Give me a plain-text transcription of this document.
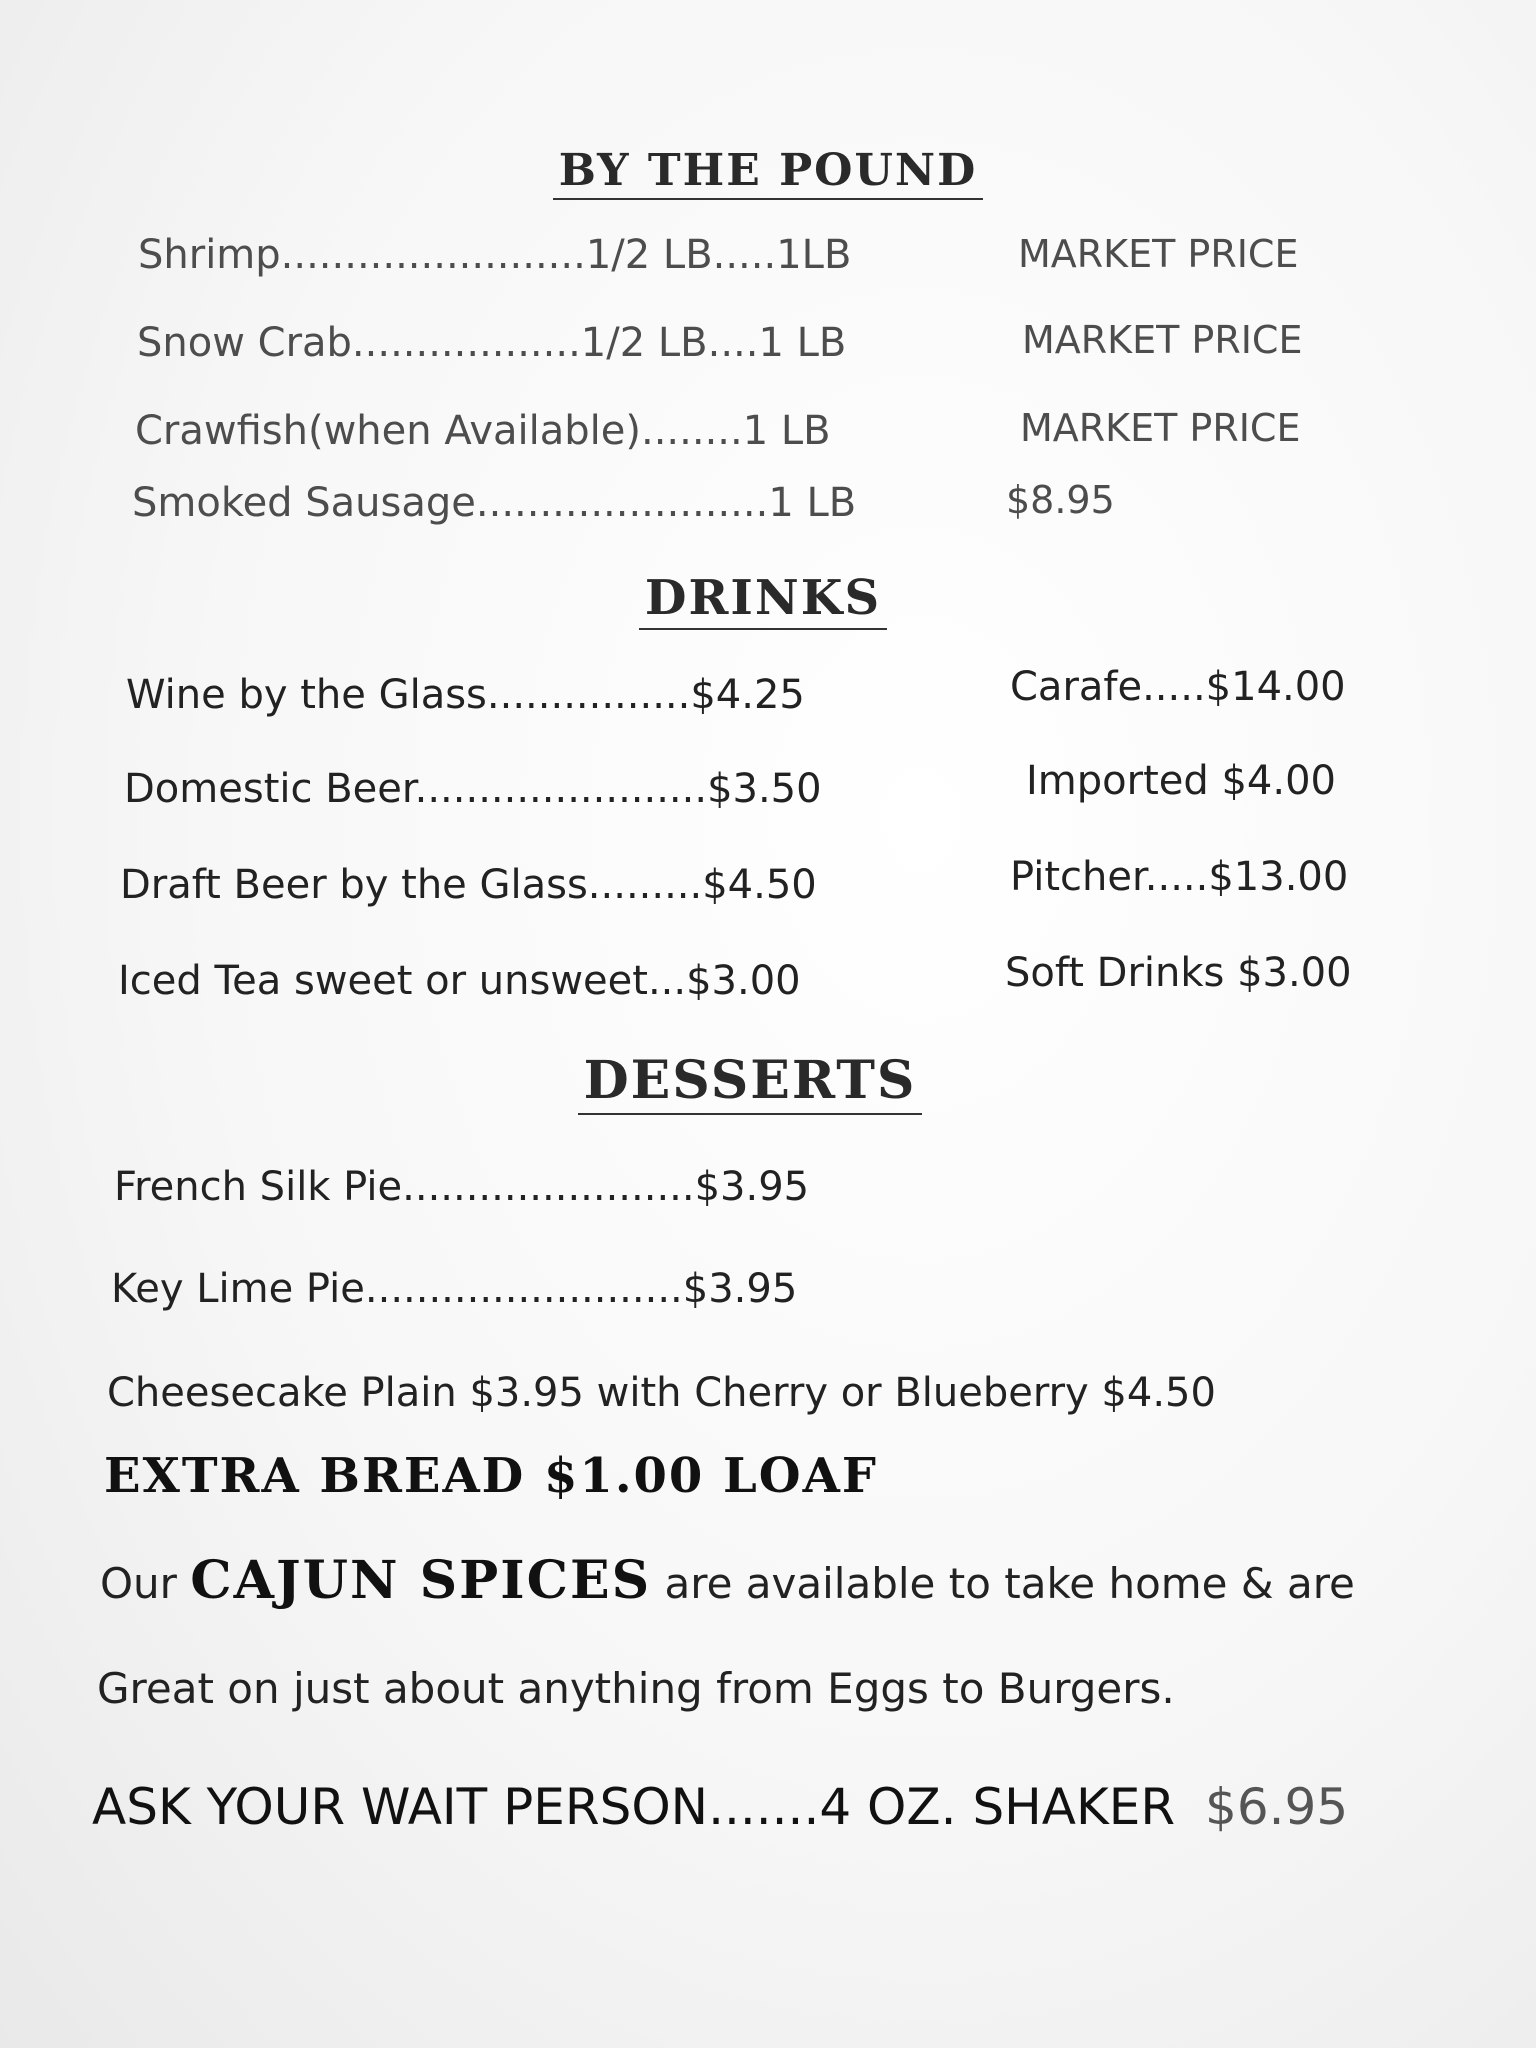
BY THE POUND
Shrimp........................1/2 LB.....1LB	MARKET PRICE
Snow Crab..................1/2 LB....1 LB	MARKET PRICE
Crawfish(when Available)........1 LB	MARKET PRICE
Smoked Sausage.......................1 LB	$8.95
DRINKS
Wine by the Glass................$4.25	Carafe.....$14.00
Domestic Beer.......................$3.50	Imported $4.00
Draft Beer by the Glass.........$4.50	Pitcher.....$13.00
Iced Tea sweet or unsweet...$3.00	Soft Drinks $3.00
DESSERTS
French Silk Pie.......................$3.95
Key Lime Pie.........................$3.95
Cheesecake Plain $3.95 with Cherry or Blueberry $4.50
EXTRA BREAD $1.00 LOAF
Our CAJUN SPICES are available to take home & are
Great on just about anything from Eggs to Burgers.
ASK YOUR WAIT PERSON.......4 OZ. SHAKER $6.95
